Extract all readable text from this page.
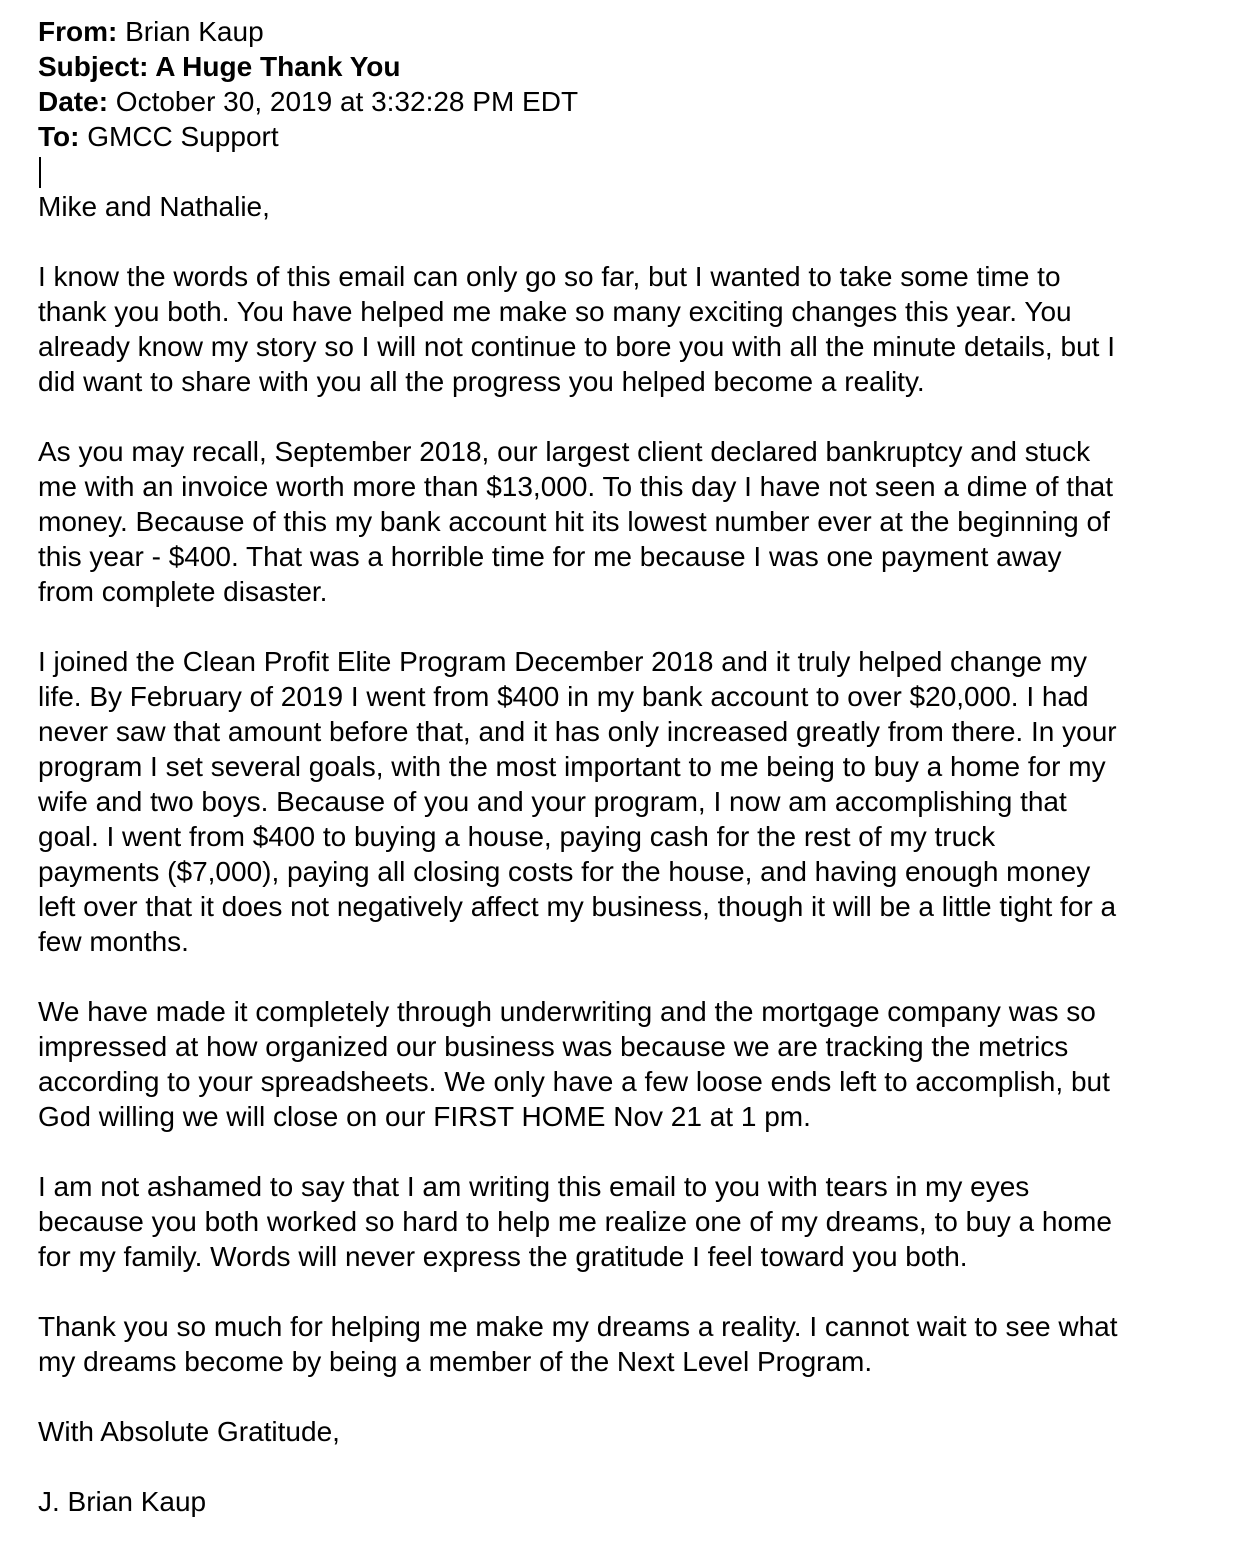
From: Brian Kaup
Subject: A Huge Thank You
Date: October 30, 2019 at 3:32:28 PM EDT
To: GMCC Support

Mike and Nathalie,

I know the words of this email can only go so far, but I wanted to take some time to
thank you both. You have helped me make so many exciting changes this year. You
already know my story so I will not continue to bore you with all the minute details, but I
did want to share with you all the progress you helped become a reality.

As you may recall, September 2018, our largest client declared bankruptcy and stuck
me with an invoice worth more than $13,000. To this day I have not seen a dime of that
money. Because of this my bank account hit its lowest number ever at the beginning of
this year - $400. That was a horrible time for me because I was one payment away
from complete disaster.

I joined the Clean Profit Elite Program December 2018 and it truly helped change my
life. By February of 2019 I went from $400 in my bank account to over $20,000. I had
never saw that amount before that, and it has only increased greatly from there. In your
program I set several goals, with the most important to me being to buy a home for my
wife and two boys. Because of you and your program, I now am accomplishing that
goal. I went from $400 to buying a house, paying cash for the rest of my truck
payments ($7,000), paying all closing costs for the house, and having enough money
left over that it does not negatively affect my business, though it will be a little tight for a
few months.

We have made it completely through underwriting and the mortgage company was so
impressed at how organized our business was because we are tracking the metrics
according to your spreadsheets. We only have a few loose ends left to accomplish, but
God willing we will close on our FIRST HOME Nov 21 at 1 pm.

I am not ashamed to say that I am writing this email to you with tears in my eyes
because you both worked so hard to help me realize one of my dreams, to buy a home
for my family. Words will never express the gratitude I feel toward you both.

Thank you so much for helping me make my dreams a reality. I cannot wait to see what
my dreams become by being a member of the Next Level Program.

With Absolute Gratitude,

J. Brian Kaup
